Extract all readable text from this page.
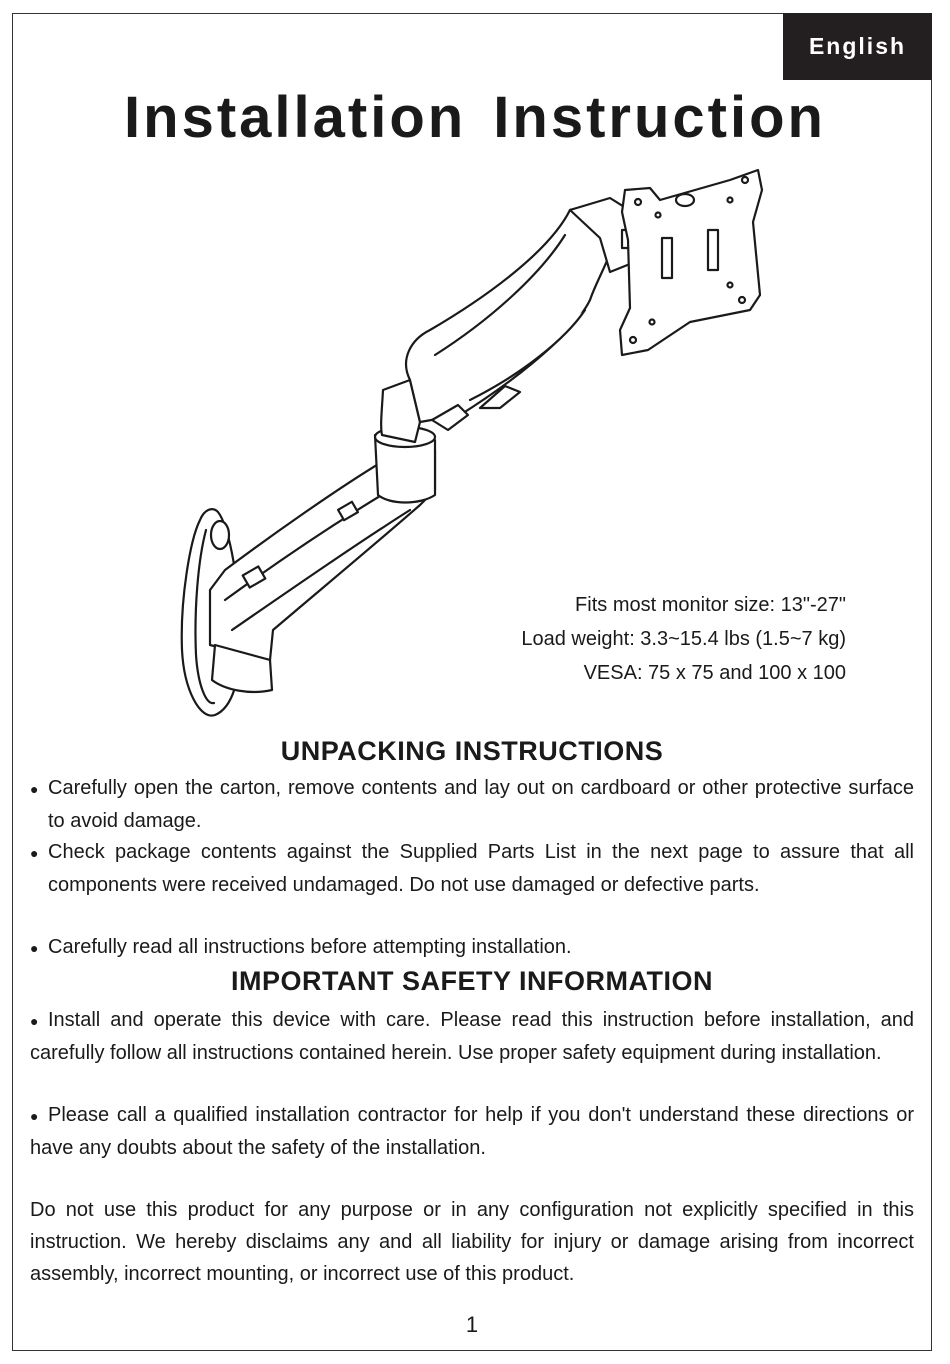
English
Installation Instruction
Fits most monitor size: 13"-27"
Load weight: 3.3~15.4 lbs (1.5~7 kg)
VESA: 75 x 75 and 100 x 100
UNPACKING INSTRUCTIONS

● Carefully open the carton, remove contents and lay out on cardboard or other protective surface to avoid damage.

● Check package contents against the Supplied Parts List in the next page to assure that all components were received undamaged. Do not use damaged or defective parts.

● Carefully read all instructions before attempting installation.

IMPORTANT SAFETY INFORMATION

● Install and operate this device with care. Please read this instruction before installation, and carefully follow all instructions contained herein. Use proper safety equipment during installation.

● Please call a qualified installation contractor for help if you don't understand these directions or have any doubts about the safety of the installation.

Do not use this product for any purpose or in any configuration not explicitly specified in this instruction. We hereby disclaims any and all liability for injury or damage arising from incorrect assembly, incorrect mounting, or incorrect use of this product.

1
